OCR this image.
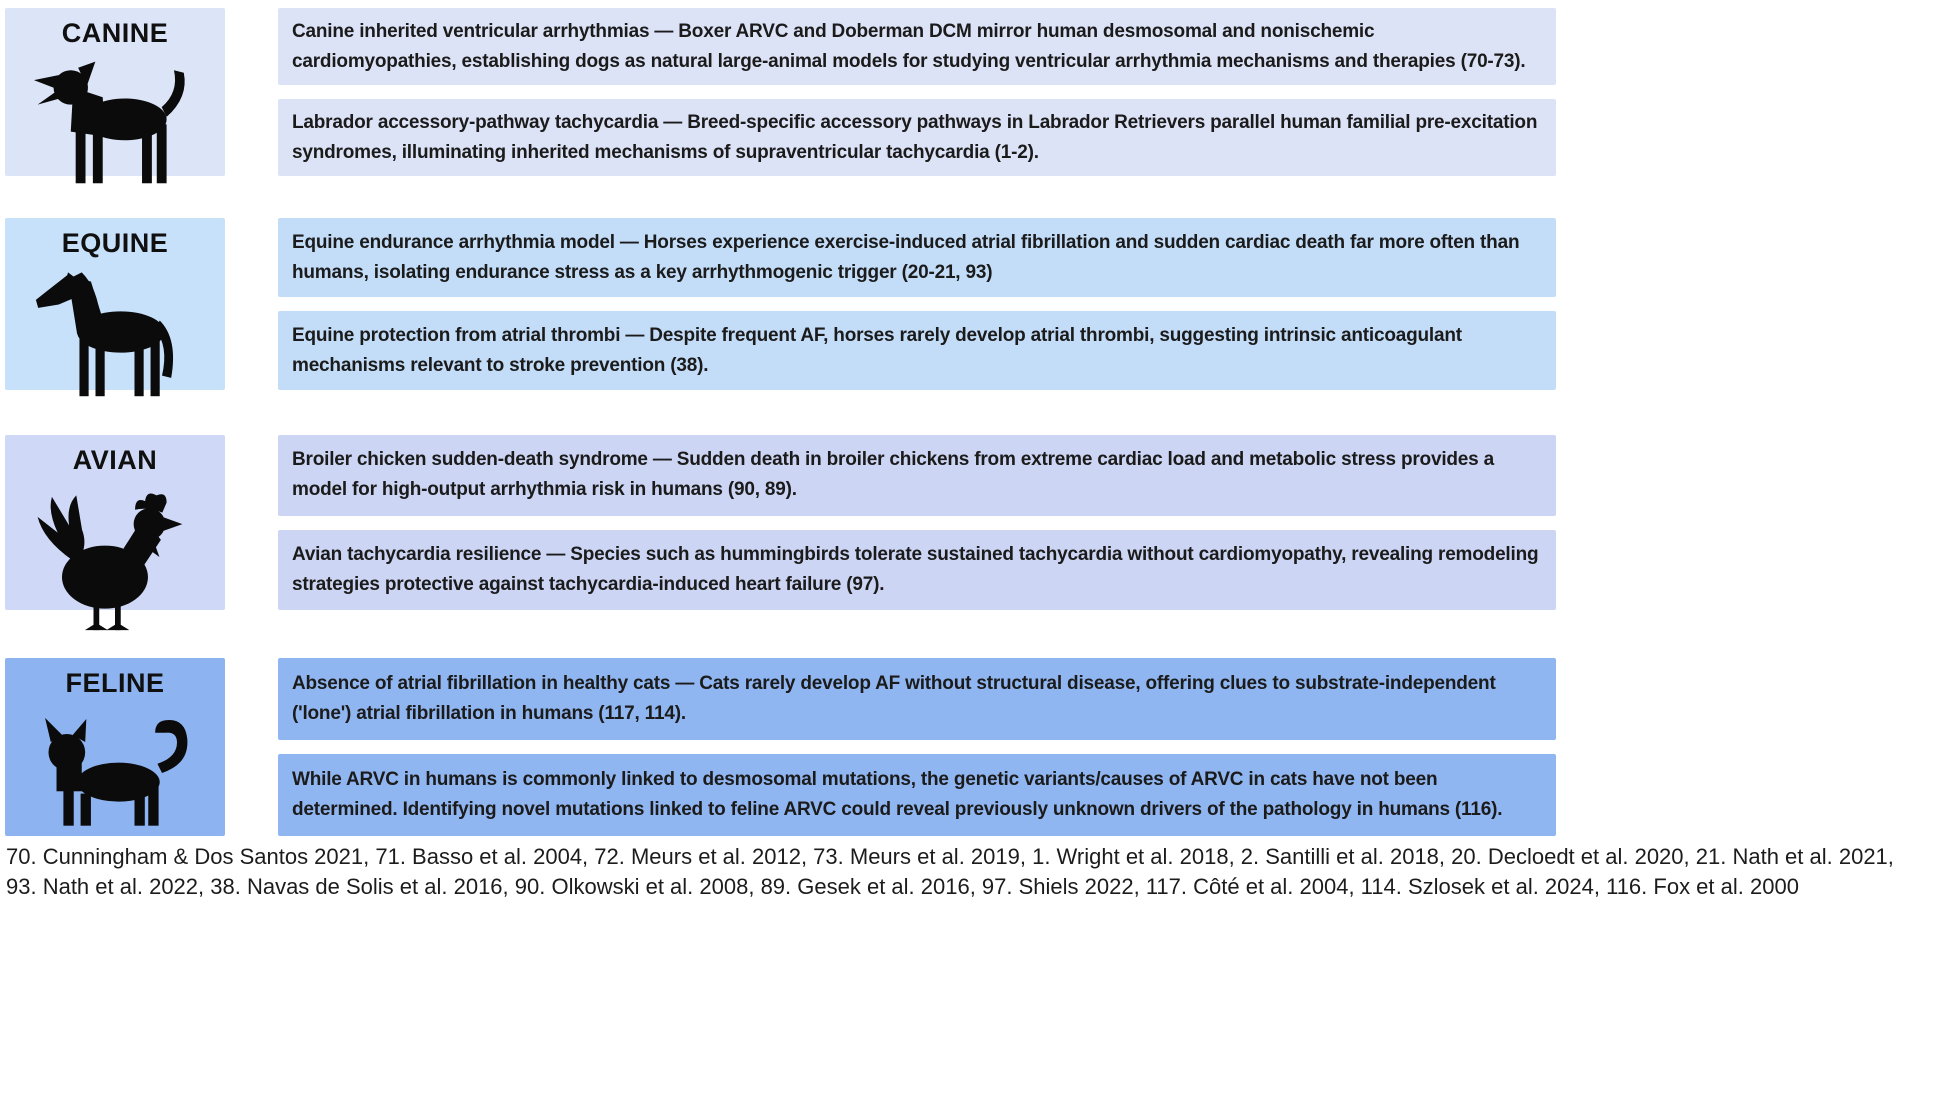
CANINE	Canine inherited ventricular arrhythmias — Boxer ARVC and Doberman DCM mirror human desmosomal and nonischemic cardiomyopathies, establishing dogs as natural large-animal models for studying ventricular arrhythmia mechanisms and therapies (70-73).
Labrador accessory-pathway tachycardia — Breed-specific accessory pathways in Labrador Retrievers parallel human familial pre-excitation syndromes, illuminating inherited mechanisms of supraventricular tachycardia (1-2).
EQUINE	Equine endurance arrhythmia model — Horses experience exercise-induced atrial fibrillation and sudden cardiac death far more often than humans, isolating endurance stress as a key arrhythmogenic trigger (20-21, 93)
Equine protection from atrial thrombi — Despite frequent AF, horses rarely develop atrial thrombi, suggesting intrinsic anticoagulant mechanisms relevant to stroke prevention (38).
AVIAN	Broiler chicken sudden-death syndrome — Sudden death in broiler chickens from extreme cardiac load and metabolic stress provides a model for high-output arrhythmia risk in humans (90, 89).
Avian tachycardia resilience — Species such as hummingbirds tolerate sustained tachycardia without cardiomyopathy, revealing remodeling strategies protective against tachycardia-induced heart failure (97).
FELINE	Absence of atrial fibrillation in healthy cats — Cats rarely develop AF without structural disease, offering clues to substrate-independent ('lone') atrial fibrillation in humans (117, 114).
While ARVC in humans is commonly linked to desmosomal mutations, the genetic variants/causes of ARVC in cats have not been determined. Identifying novel mutations linked to feline ARVC could reveal previously unknown drivers of the pathology in humans (116).
70. Cunningham & Dos Santos 2021, 71. Basso et al. 2004, 72. Meurs et al. 2012, 73. Meurs et al. 2019, 1. Wright et al. 2018, 2. Santilli et al. 2018, 20. Decloedt et al. 2020, 21. Nath et al. 2021,
93. Nath et al. 2022, 38. Navas de Solis et al. 2016, 90. Olkowski et al. 2008, 89. Gesek et al. 2016, 97. Shiels 2022, 117. Côté et al. 2004, 114. Szlosek et al. 2024, 116. Fox et al. 2000
